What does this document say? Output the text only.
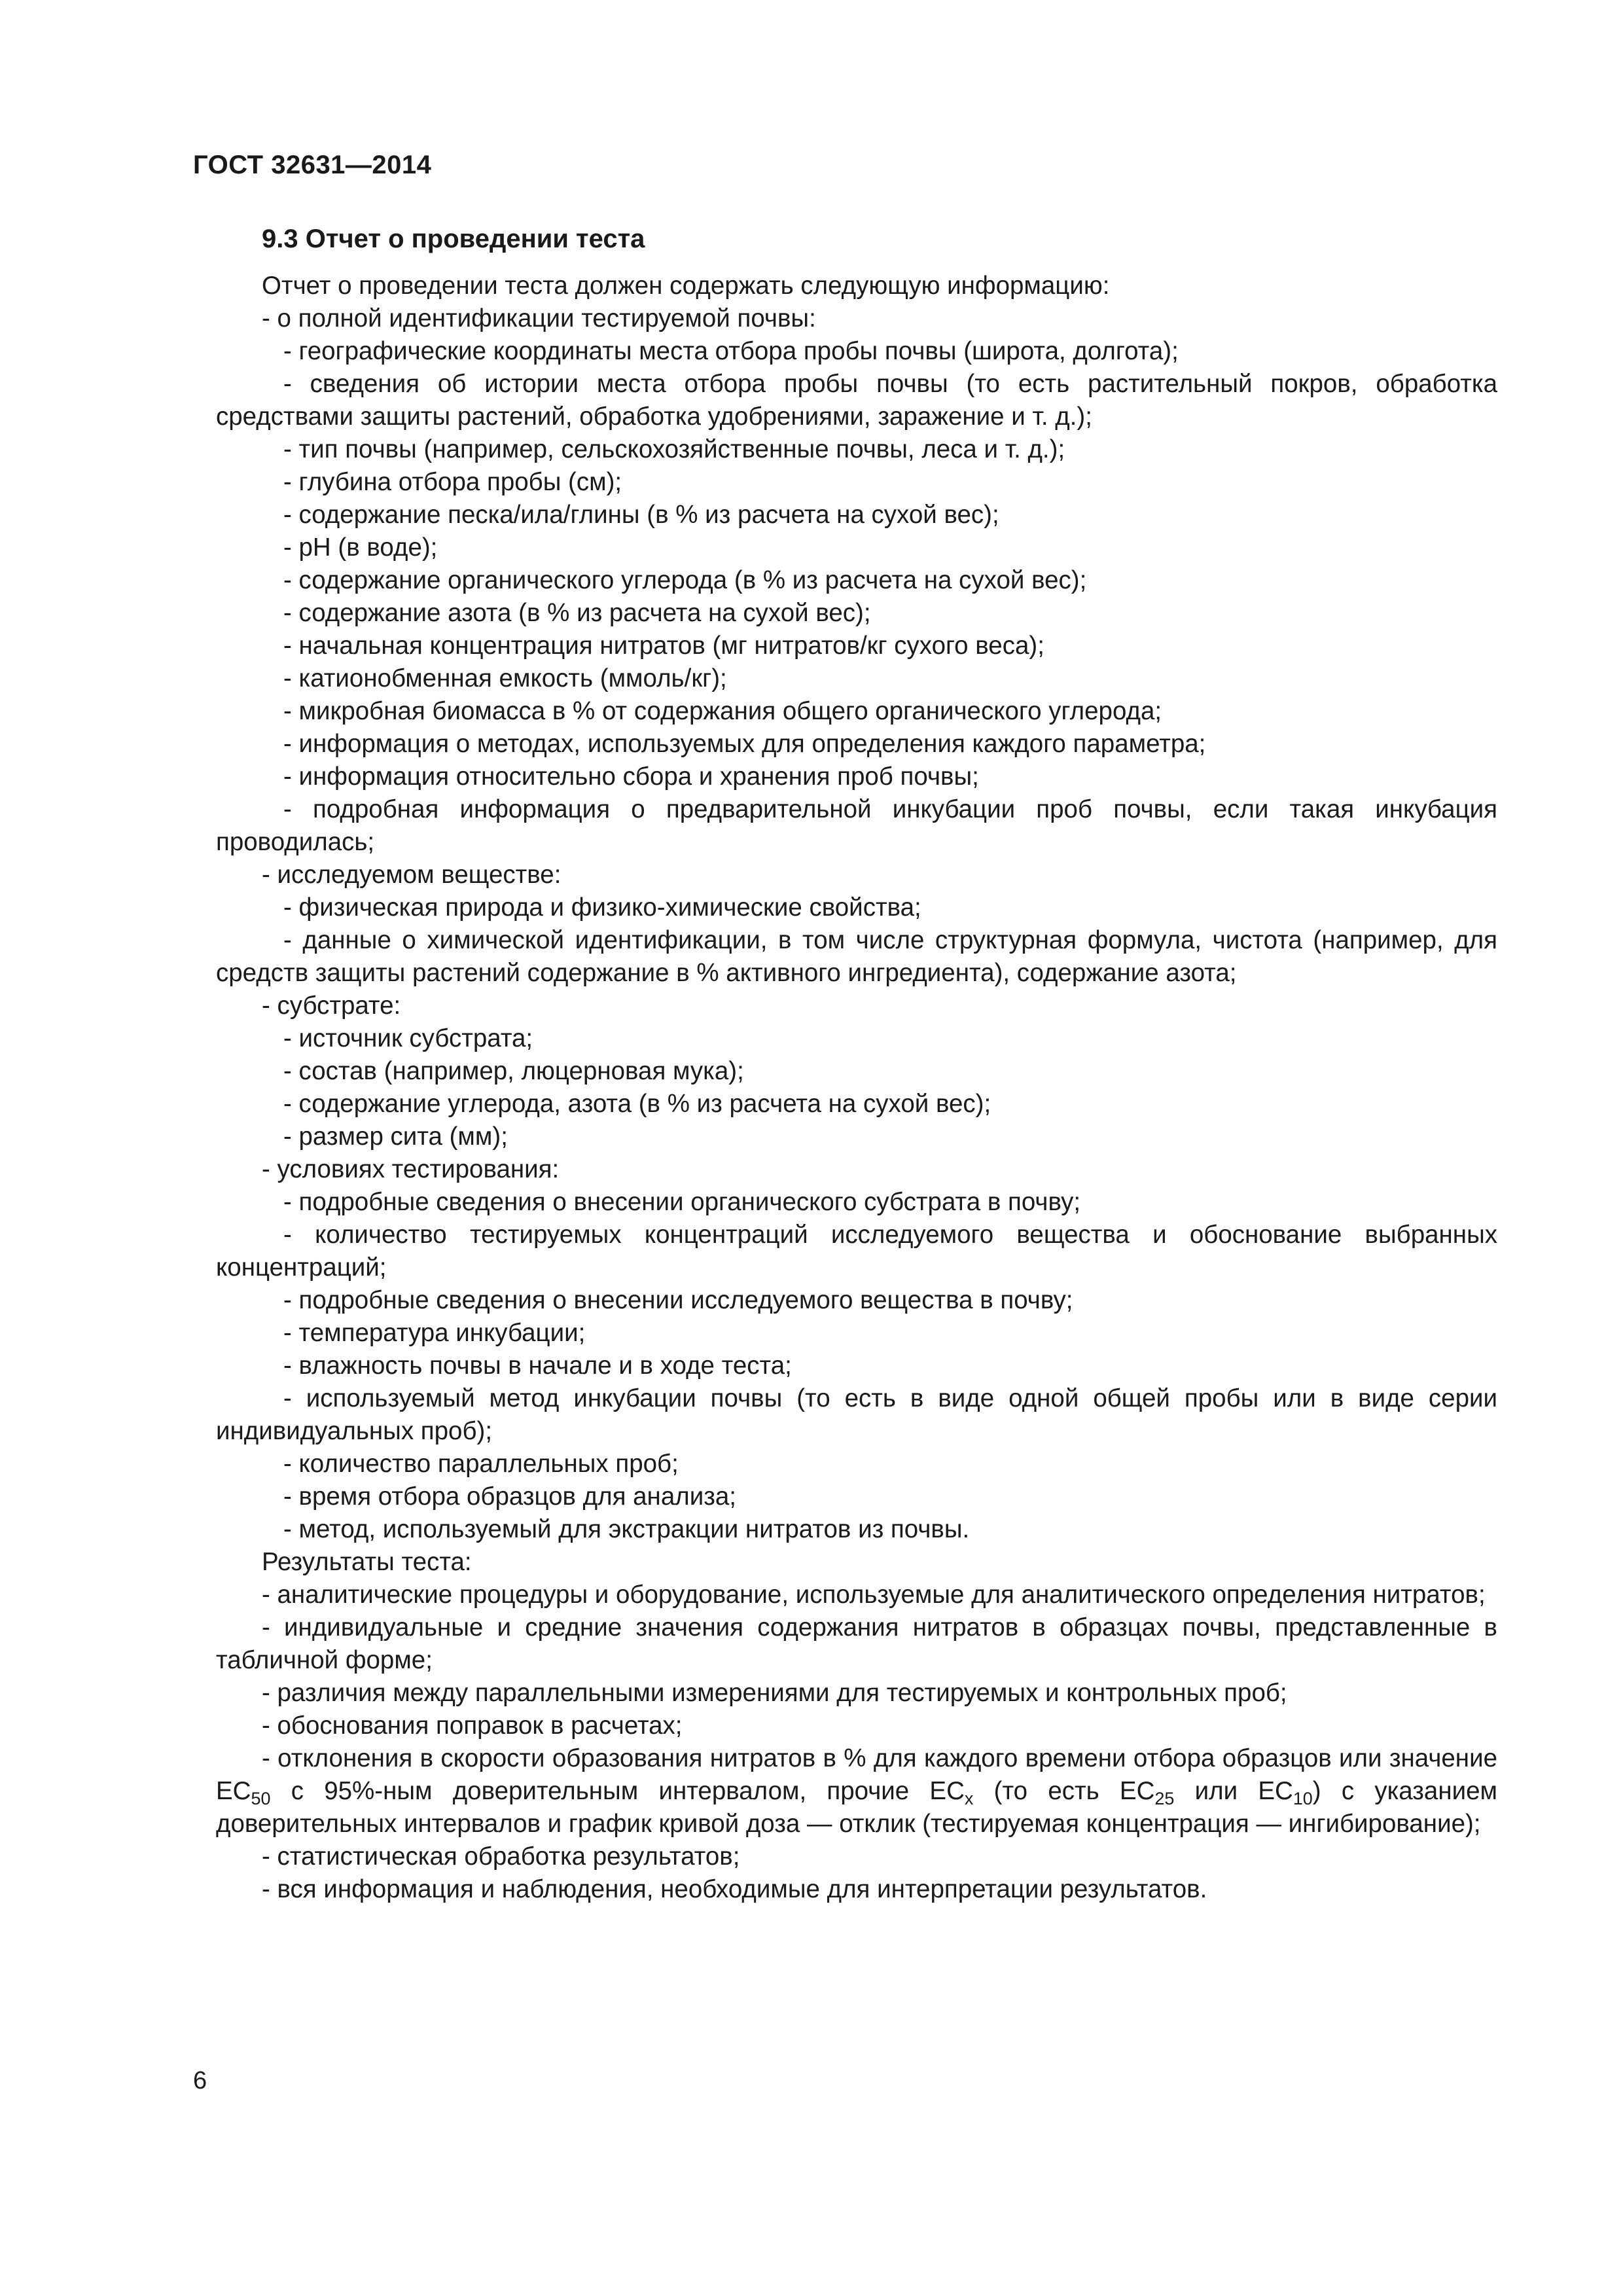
ГОСТ 32631—2014
9.3 Отчет о проведении теста

Отчет о проведении теста должен содержать следующую информацию:

- о полной идентификации тестируемой почвы:

- географические координаты места отбора пробы почвы (широта, долгота);

- сведения об истории места отбора пробы почвы (то есть растительный покров, обработка средствами защиты растений, обработка удобрениями, заражение и т. д.);

- тип почвы (например, сельскохозяйственные почвы, леса и т. д.);

- глубина отбора пробы (см);

- содержание песка/ила/глины (в % из расчета на сухой вес);

- pH (в воде);

- содержание органического углерода (в % из расчета на сухой вес);

- содержание азота (в % из расчета на сухой вес);

- начальная концентрация нитратов (мг нитратов/кг сухого веса);

- катионобменная емкость (ммоль/кг);

- микробная биомасса в % от содержания общего органического углерода;

- информация о методах, используемых для определения каждого параметра;

- информация относительно сбора и хранения проб почвы;

- подробная информация о предварительной инкубации проб почвы, если такая инкубация проводилась;

- исследуемом веществе:

- физическая природа и физико-химические свойства;

- данные о химической идентификации, в том числе структурная формула, чистота (например, для средств защиты растений содержание в % активного ингредиента), содержание азота;

- субстрате:

- источник субстрата;

- состав (например, люцерновая мука);

- содержание углерода, азота (в % из расчета на сухой вес);

- размер сита (мм);

- условиях тестирования:

- подробные сведения о внесении органического субстрата в почву;

- количество тестируемых концентраций исследуемого вещества и обоснование выбранных концентраций;

- подробные сведения о внесении исследуемого вещества в почву;

- температура инкубации;

- влажность почвы в начале и в ходе теста;

- используемый метод инкубации почвы (то есть в виде одной общей пробы или в виде серии индивидуальных проб);

- количество параллельных проб;

- время отбора образцов для анализа;

- метод, используемый для экстракции нитратов из почвы.

Результаты теста:

- аналитические процедуры и оборудование, используемые для аналитического определения нитратов;

- индивидуальные и средние значения содержания нитратов в образцах почвы, представленные в табличной форме;

- различия между параллельными измерениями для тестируемых и контрольных проб;

- обоснования поправок в расчетах;

- отклонения в скорости образования нитратов в % для каждого времени отбора образцов или значение $EC_{50}$ с 95%-ным доверительным интервалом, прочие $EC_x$ (то есть $EC_{25}$ или $EC_{10}$) с указанием доверительных интервалов и график кривой доза — отклик (тестируемая концентрация — ингибирование);

- статистическая обработка результатов;

- вся информация и наблюдения, необходимые для интерпретации результатов.

6
